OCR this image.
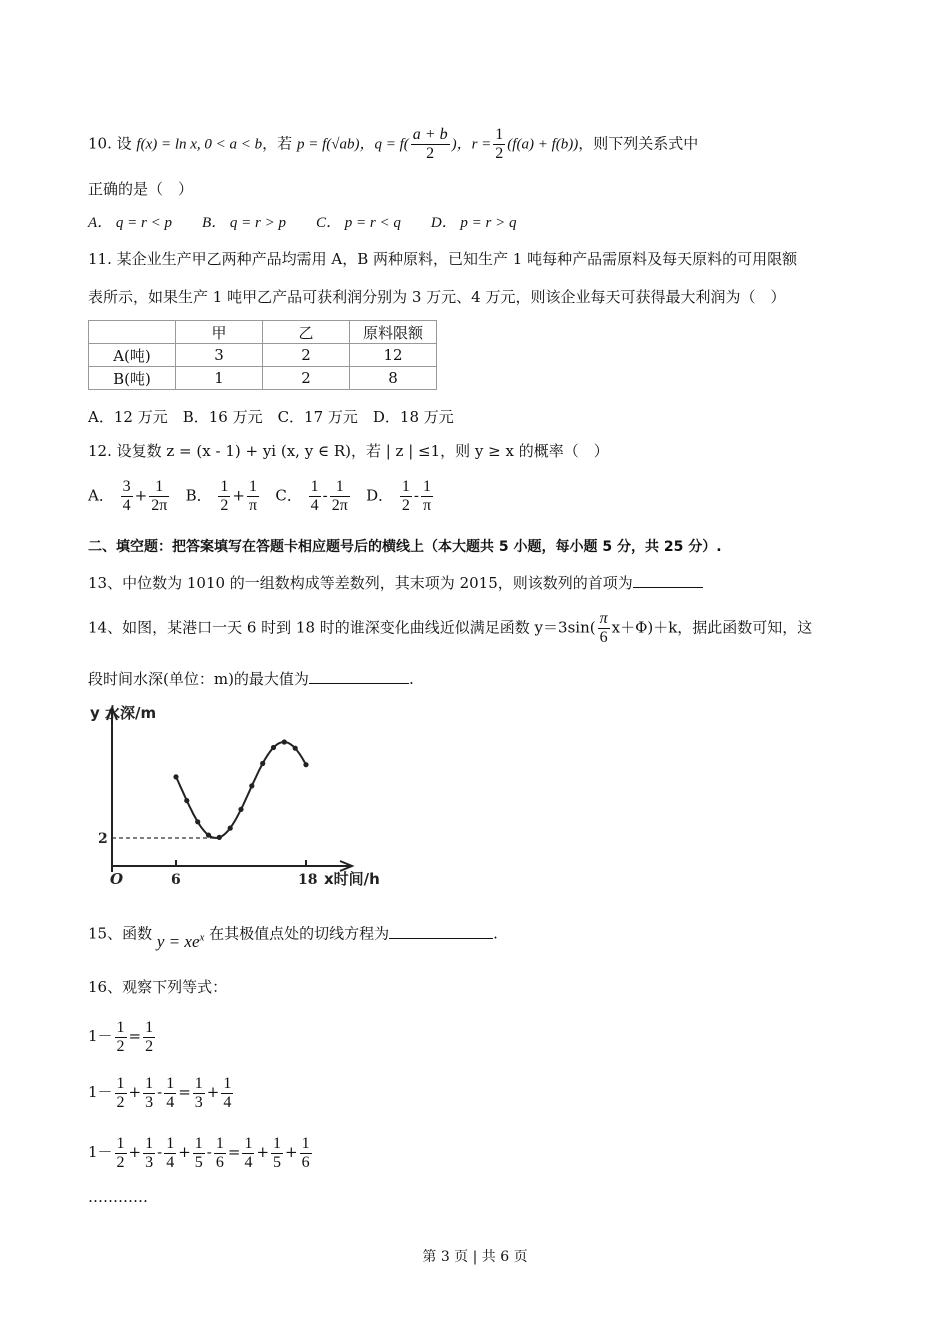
10. 设 f(x) = ln x, 0 < a < b，若 p = f(√ab)，$q = f( \frac{a + b}{2}$ )，$r = \frac{1}{2} (f(a) + f(b))$，则下列关系式中
正确的是（　）
A． q = r < p　　B． q = r > p　　C． p = r < q　　D． p = r > q
11. 某企业生产甲乙两种产品均需用 A，B 两种原料，已知生产 1 吨每种产品需原料及每天原料的可用限额
表所示，如果生产 1 吨甲乙产品可获利润分别为 3 万元、4 万元，则该企业每天可获得最大利润为（　）
	甲	乙	原料限额
A(吨)	3	2	12
B(吨)	1	2	8
A．12 万元　B．16 万元　C．17 万元　D．18 万元
12. 设复数 z = (x - 1) + yi (x, y ∈ R)，若 | z | ≤1，则 y ≥ x 的概率（　）
A． $\frac{3}{4} + \frac{1}{2\pi}$ B． $\frac{1}{2} + \frac{1}{\pi}$ C． $\frac{1}{4} - \frac{1}{2\pi}$ D． $\frac{1}{2} - \frac{1}{\pi}$
二、填空题：把答案填写在答题卡相应题号后的横线上（本大题共 5 小题，每小题 5 分，共 25 分）.
13、中位数为 1010 的一组数构成等差数列，其末项为 2015，则该数列的首项为
14、如图，某港口一天 6 时到 18 时的谁深变化曲线近似满足函数 $y=3\sin( \frac{\pi}{6} x+\Phi)+k$，据此函数可知，这
段时间水深(单位：m)的最大值为	.
y 水深/m
x时间/h
O	6	18
2
15、函数 $y = xe^x$ 在其极值点处的切线方程为	.
16、观察下列等式：
$1- \frac{1}{2} = \frac{1}{2}$
$1- \frac{1}{2} + \frac{1}{3} - \frac{1}{4} = \frac{1}{3} + \frac{1}{4}$
$1- \frac{1}{2} + \frac{1}{3} - \frac{1}{4} + \frac{1}{5} - \frac{1}{6} = \frac{1}{4} + \frac{1}{5} + \frac{1}{6}$
…………
第 3 页 | 共 6 页
